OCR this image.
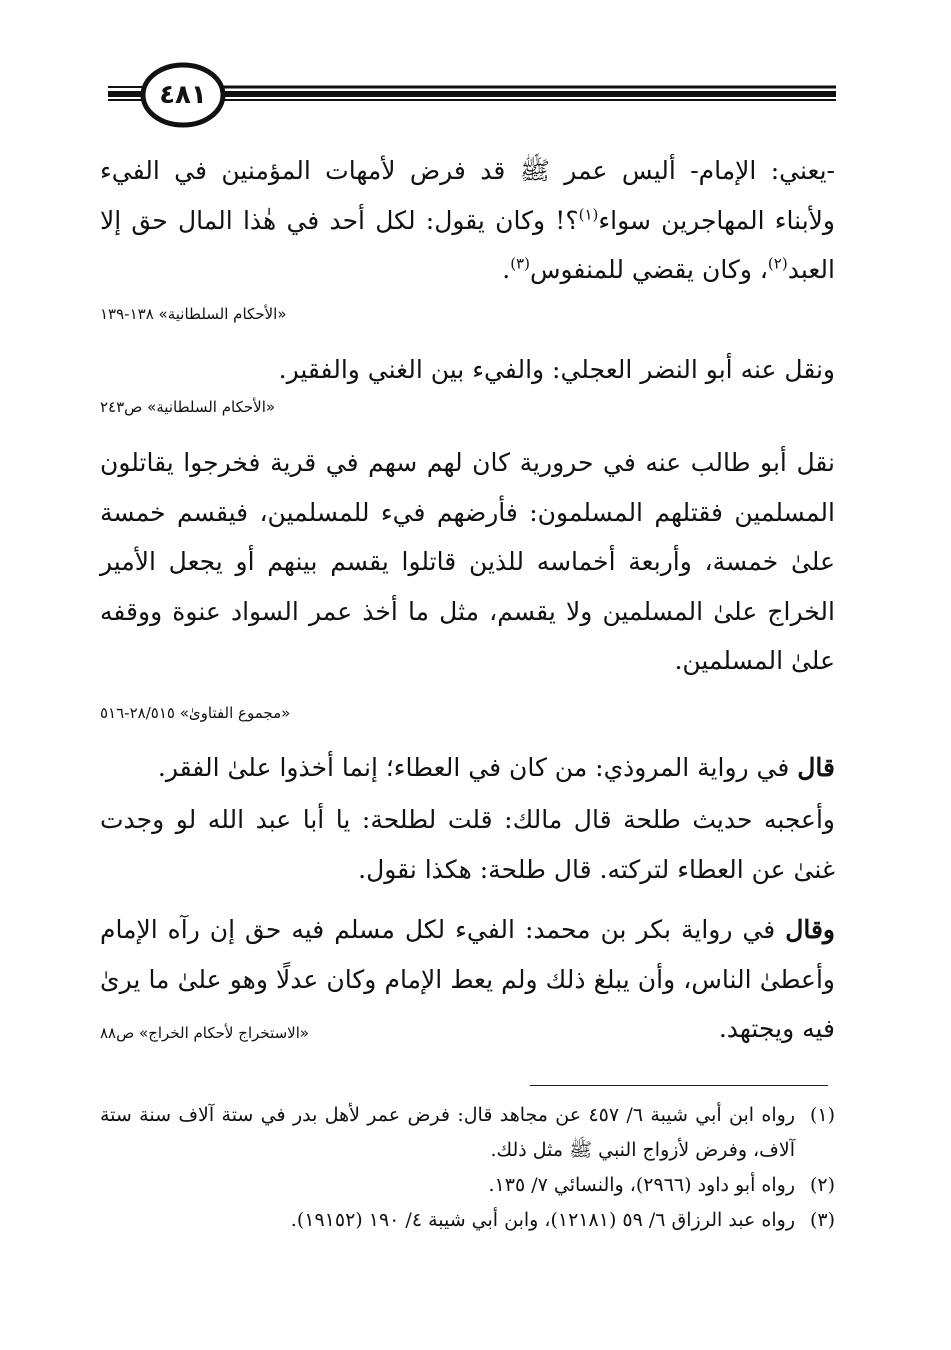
٤٨١

-يعني: الإمام- أليس عمر ﷺ قد فرض لأمهات المؤمنين في الفيء ولأبناء المهاجرين سواء$^{(١)}$؟! وكان يقول: لكل أحد في هٰذا المال حق إلا العبد$^{(٢)}$، وكان يقضي للمنفوس$^{(٣)}$.

«الأحكام السلطانية» ١٣٨-١٣٩

ونقل عنه أبو النضر العجلي: والفيء بين الغني والفقير.

«الأحكام السلطانية» ص٢٤٣

نقل أبو طالب عنه في حرورية كان لهم سهم في قرية فخرجوا يقاتلون المسلمين فقتلهم المسلمون: فأرضهم فيء للمسلمين، فيقسم خمسة علىٰ خمسة، وأربعة أخماسه للذين قاتلوا يقسم بينهم أو يجعل الأمير الخراج علىٰ المسلمين ولا يقسم، مثل ما أخذ عمر السواد عنوة ووقفه علىٰ المسلمين.

«مجموع الفتاوىٰ» ٢٨/٥١٥-٥١٦

قال في رواية المروذي: من كان في العطاء؛ إنما أخذوا علىٰ الفقر.

وأعجبه حديث طلحة قال مالك: قلت لطلحة: يا أبا عبد الله لو وجدت غنىٰ عن العطاء لتركته. قال طلحة: هكذا نقول.

وقال في رواية بكر بن محمد: الفيء لكل مسلم فيه حق إن رآه الإمام وأعطىٰ الناس، وأن يبلغ ذلك ولم يعط الإمام وكان عدلًا وهو علىٰ ما يرىٰ فيه ويجتهد.

«الاستخراج لأحكام الخراج» ص٨٨
(١)
رواه ابن أبي شيبة ٦/ ٤٥٧ عن مجاهد قال: فرض عمر لأهل بدر في ستة آلاف سنة ستة آلاف، وفرض لأزواج النبي ﷺ مثل ذلك.
(٢)
رواه أبو داود (٢٩٦٦)، والنسائي ٧/ ١٣٥.
(٣)
رواه عبد الرزاق ٦/ ٥٩ (١٢١٨١)، وابن أبي شيبة ٤/ ١٩٠ (١٩١٥٢).
